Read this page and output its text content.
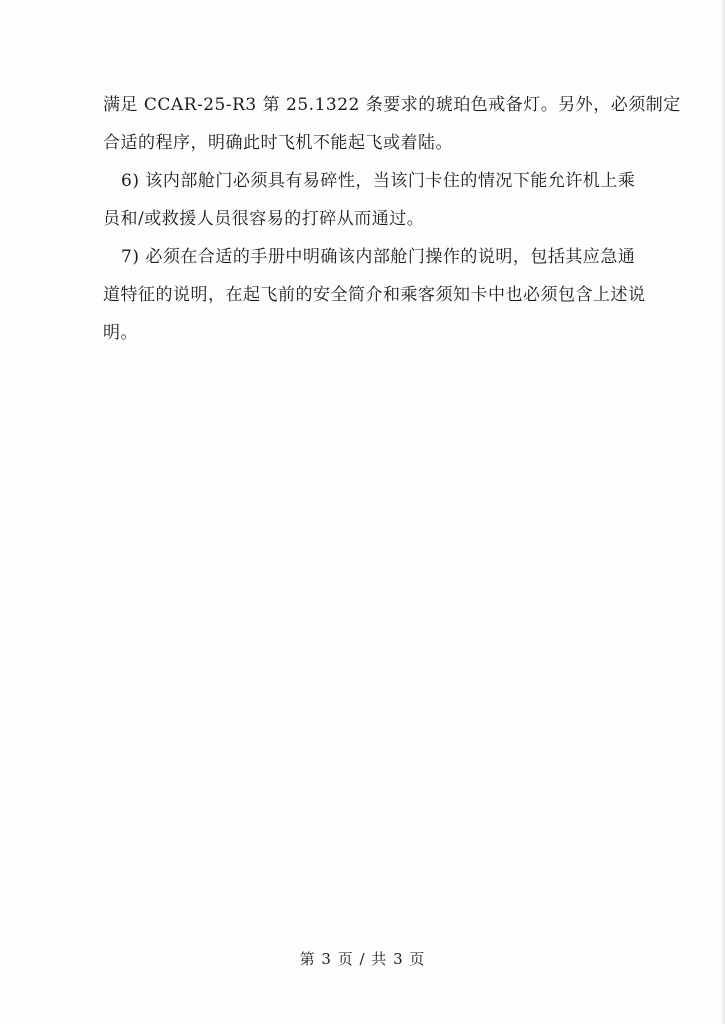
满足 CCAR-25-R3 第 25.1322 条要求的琥珀色戒备灯。另外，必须制定
合适的程序，明确此时飞机不能起飞或着陆。
6) 该内部舱门必须具有易碎性，当该门卡住的情况下能允许机上乘
员和/或救援人员很容易的打碎从而通过。
7) 必须在合适的手册中明确该内部舱门操作的说明，包括其应急通
道特征的说明，在起飞前的安全简介和乘客须知卡中也必须包含上述说
明。
第 3 页 / 共 3 页
